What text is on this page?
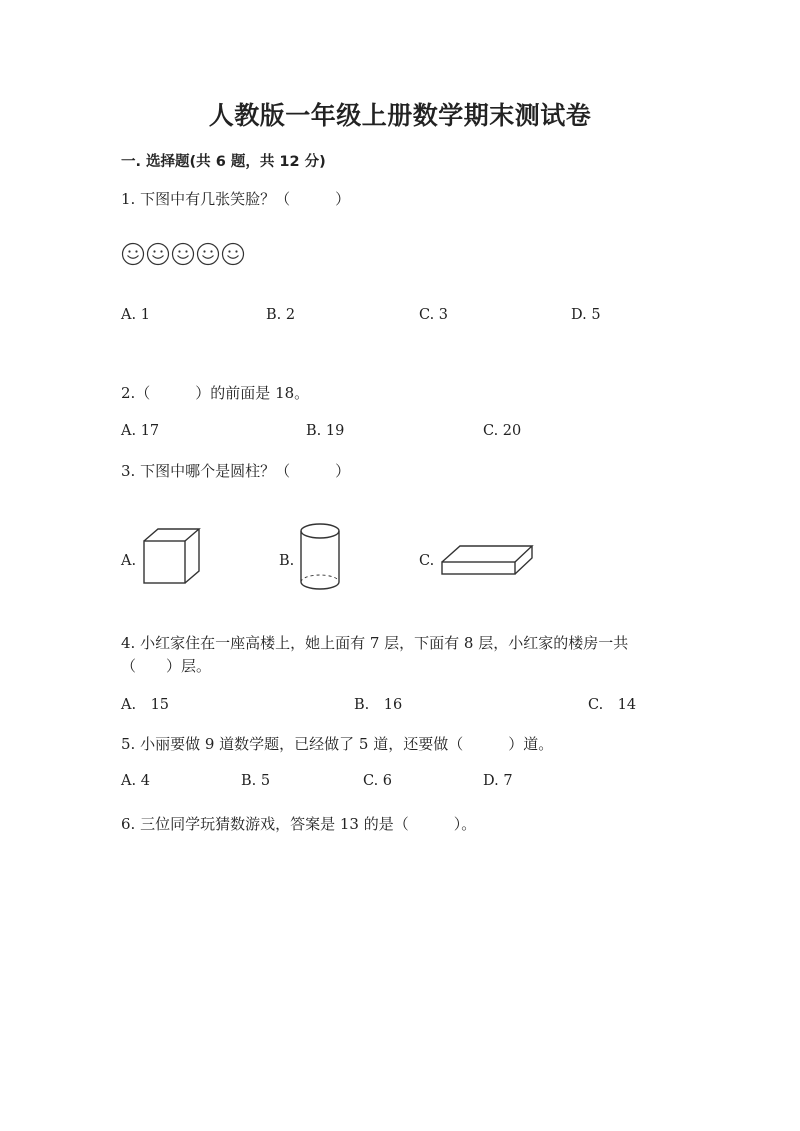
人教版一年级上册数学期末测试卷
一. 选择题(共 6 题，共 12 分)
1. 下图中有几张笑脸？（　　　）
A. 1	B. 2	C. 3	D. 5
2.（　　　）的前面是 18。
A. 17	B. 19	C. 20
3. 下图中哪个是圆柱？（　　　）
A.	B.	C.
4. 小红家住在一座高楼上，她上面有 7 层，下面有 8 层，小红家的楼房一共
（　　）层。
A.　15	B.　16	C.　14
5. 小丽要做 9 道数学题，已经做了 5 道，还要做（　　　）道。
A. 4	B. 5	C. 6	D. 7
6. 三位同学玩猜数游戏，答案是 13 的是（　　　）。
